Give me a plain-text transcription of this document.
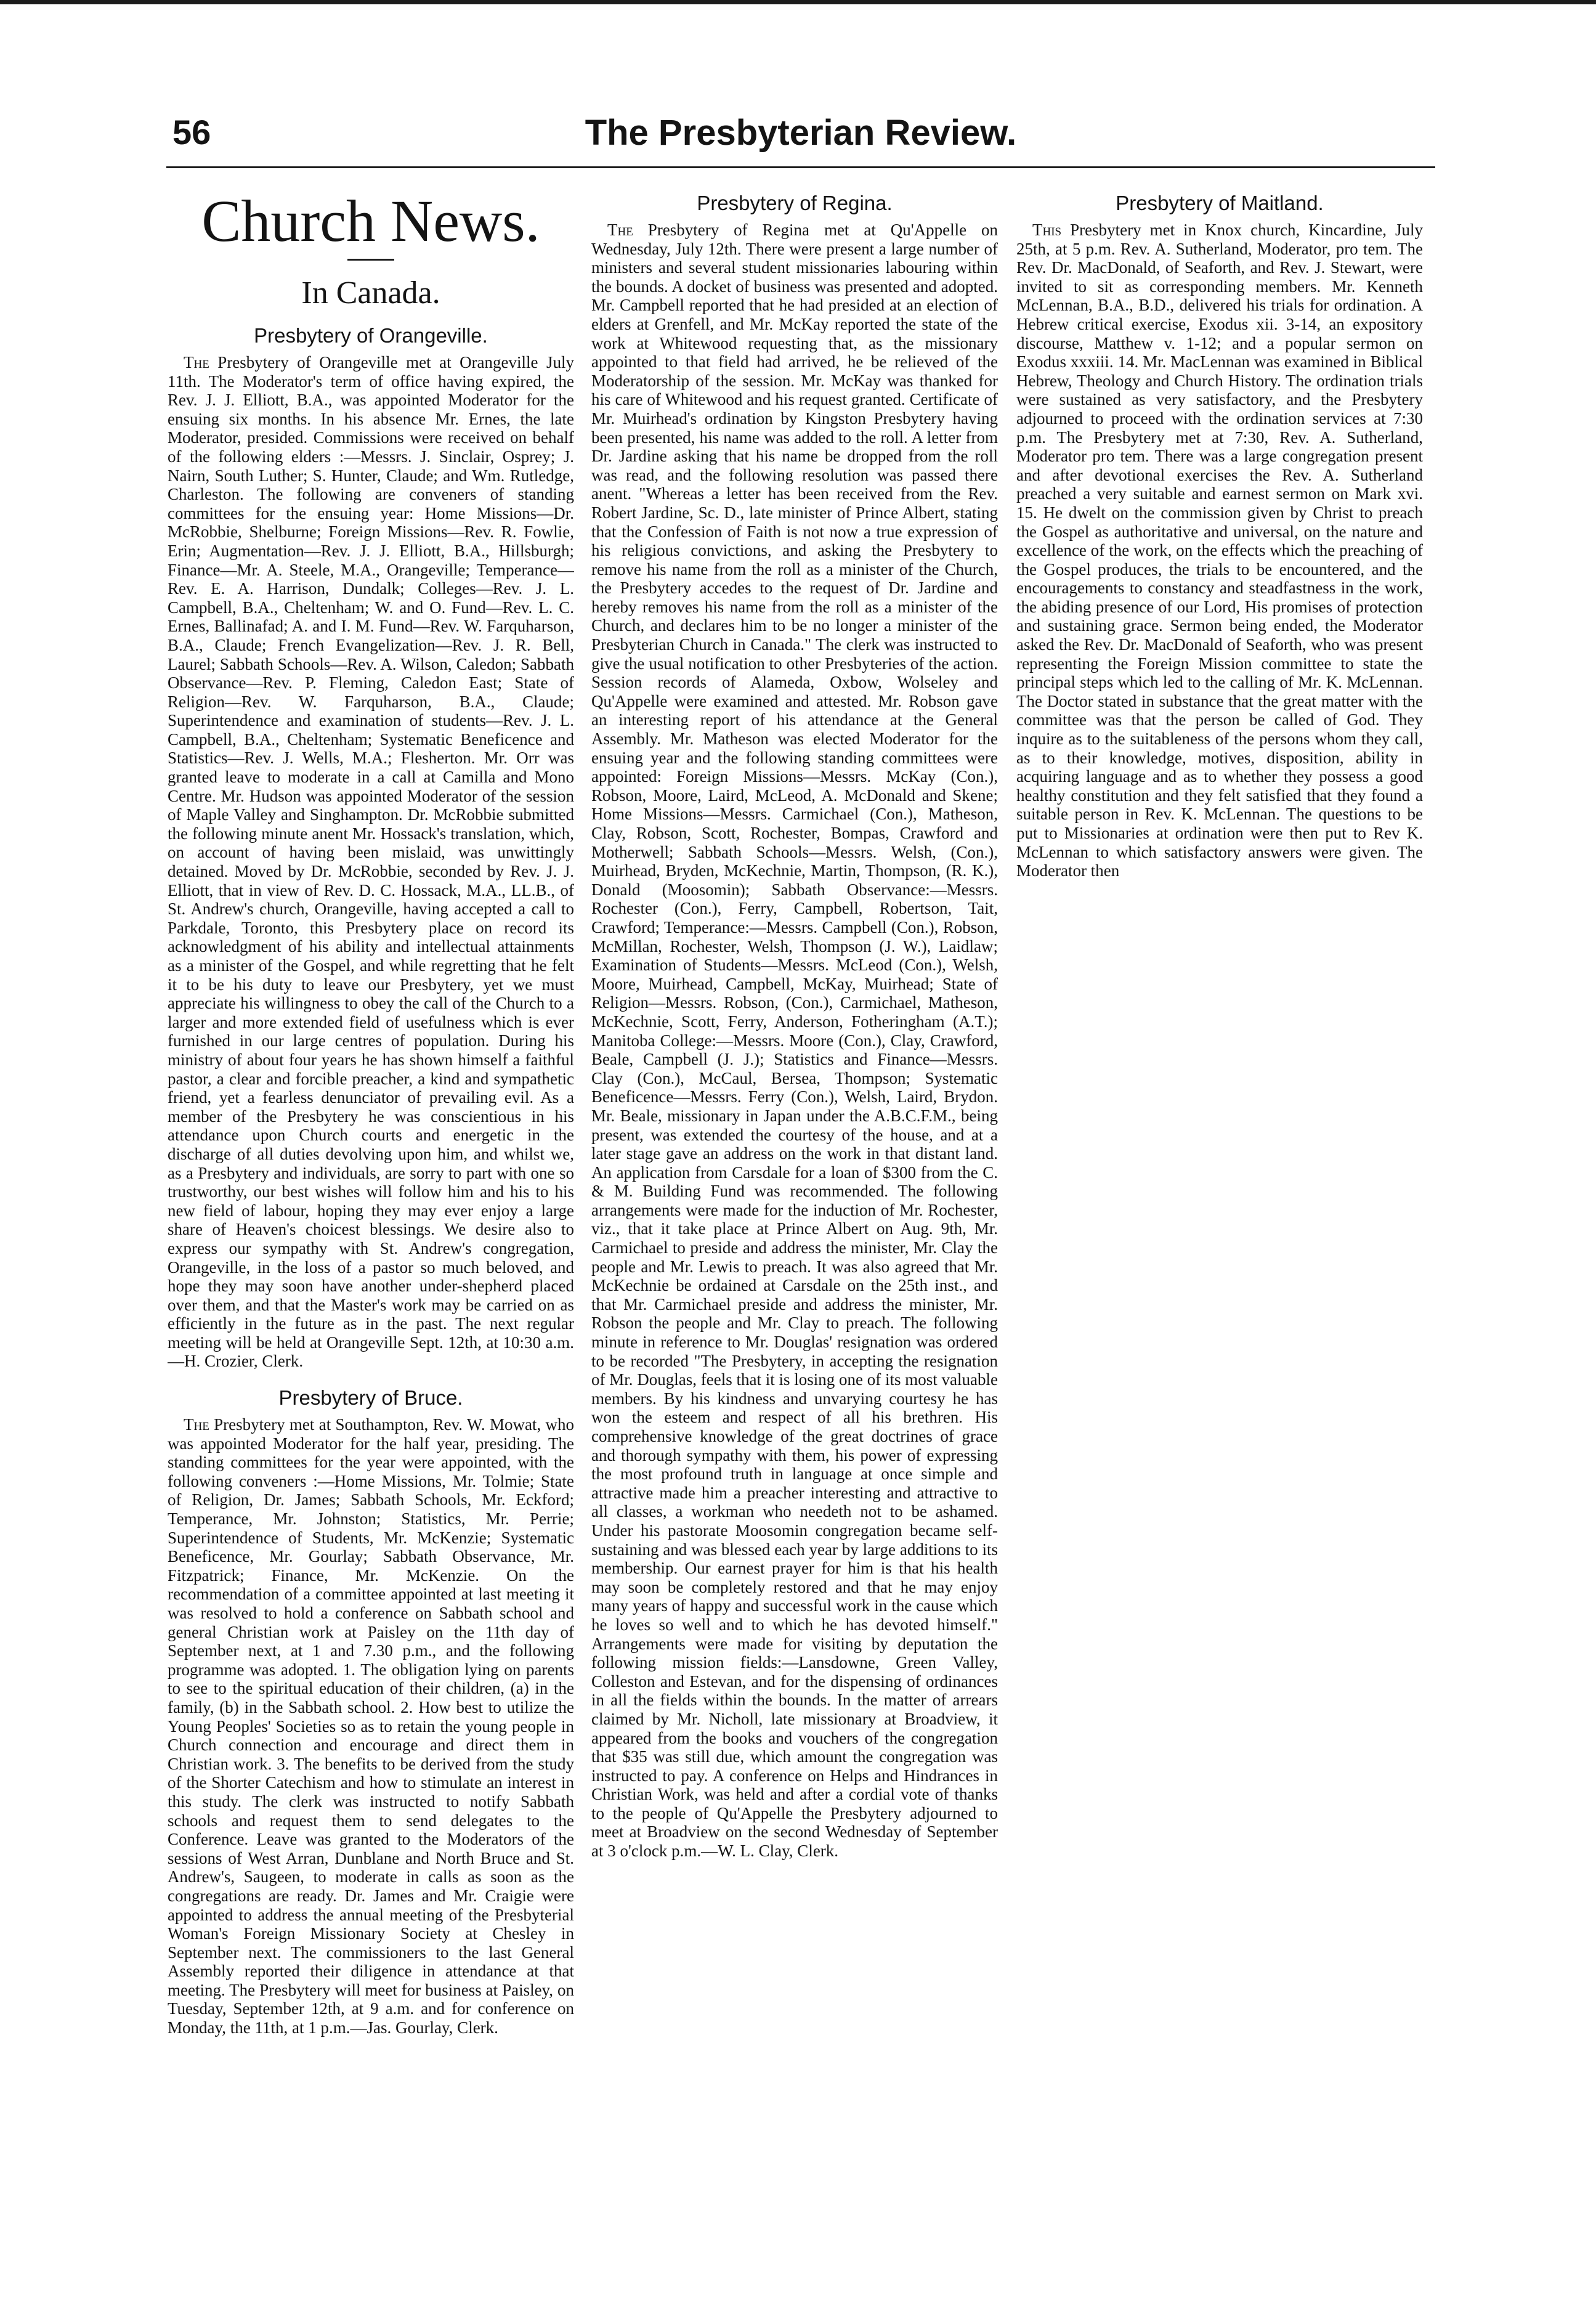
56	The Presbyterian Review.
Church News.
In Canada.
Presbytery of Orangeville.

The Presbytery of Orangeville met at Orangeville July 11th. The Moderator's term of office having expired, the Rev. J. J. Elliott, B.A., was appointed Moderator for the ensuing six months. In his absence Mr. Ernes, the late Moderator, presided. Commissions were received on behalf of the following elders :—Messrs. J. Sinclair, Osprey; J. Nairn, South Luther; S. Hunter, Claude; and Wm. Rutledge, Charleston. The following are conveners of standing committees for the ensuing year: Home Missions—Dr. McRobbie, Shelburne; Foreign Missions—Rev. R. Fowlie, Erin; Augmentation—Rev. J. J. Elliott, B.A., Hillsburgh; Finance—Mr. A. Steele, M.A., Orangeville; Temperance—Rev. E. A. Harrison, Dundalk; Colleges—Rev. J. L. Campbell, B.A., Cheltenham; W. and O. Fund—Rev. L. C. Ernes, Ballinafad; A. and I. M. Fund—Rev. W. Farquharson, B.A., Claude; French Evangelization—Rev. J. R. Bell, Laurel; Sabbath Schools—Rev. A. Wilson, Caledon; Sabbath Observance—Rev. P. Fleming, Caledon East; State of Religion—Rev. W. Farquharson, B.A., Claude; Superintendence and examination of students—Rev. J. L. Campbell, B.A., Cheltenham; Systematic Beneficence and Statistics—Rev. J. Wells, M.A.; Flesherton. Mr. Orr was granted leave to moderate in a call at Camilla and Mono Centre. Mr. Hudson was appointed Moderator of the session of Maple Valley and Singhampton. Dr. McRobbie submitted the following minute anent Mr. Hossack's translation, which, on account of having been mislaid, was unwittingly detained. Moved by Dr. McRobbie, seconded by Rev. J. J. Elliott, that in view of Rev. D. C. Hossack, M.A., LL.B., of St. Andrew's church, Orangeville, having accepted a call to Parkdale, Toronto, this Presbytery place on record its acknowledgment of his ability and intellectual attainments as a minister of the Gospel, and while regretting that he felt it to be his duty to leave our Presbytery, yet we must appreciate his willingness to obey the call of the Church to a larger and more extended field of usefulness which is ever furnished in our large centres of population. During his ministry of about four years he has shown himself a faithful pastor, a clear and forcible preacher, a kind and sympathetic friend, yet a fearless denunciator of prevailing evil. As a member of the Presbytery he was conscientious in his attendance upon Church courts and energetic in the discharge of all duties devolving upon him, and whilst we, as a Presbytery and individuals, are sorry to part with one so trustworthy, our best wishes will follow him and his to his new field of labour, hoping they may ever enjoy a large share of Heaven's choicest blessings. We desire also to express our sympathy with St. Andrew's congregation, Orangeville, in the loss of a pastor so much beloved, and hope they may soon have another under-shepherd placed over them, and that the Master's work may be carried on as efficiently in the future as in the past. The next regular meeting will be held at Orangeville Sept. 12th, at 10:30 a.m. —H. Crozier, Clerk.

Presbytery of Bruce.

The Presbytery met at Southampton, Rev. W. Mowat, who was appointed Moderator for the half year, presiding. The standing committees for the year were appointed, with the following conveners :—Home Missions, Mr. Tolmie; State of Religion, Dr. James; Sabbath Schools, Mr. Eckford; Temperance, Mr. Johnston; Statistics, Mr. Perrie; Superintendence of Students, Mr. McKenzie; Systematic Beneficence, Mr. Gourlay; Sabbath Observance, Mr. Fitzpatrick; Finance, Mr. McKenzie. On the recommendation of a committee appointed at last meeting it was resolved to hold a conference on Sabbath school and general Christian work at Paisley on the 11th day of September next, at 1 and 7.30 p.m., and the following programme was adopted. 1. The obligation lying on parents to see to the spiritual education of their children, (a) in the family, (b) in the Sabbath school. 2. How best to utilize the Young Peoples' Societies so as to retain the young people in Church connection and encourage and direct them in Christian work. 3. The benefits to be derived from the study of the Shorter Catechism and how to stimulate an interest in this study. The clerk was instructed to notify Sabbath schools and request them to send delegates to the Conference. Leave was granted to the Moderators of the sessions of West Arran, Dunblane and North Bruce and St. Andrew's, Saugeen, to moderate in calls as soon as the congregations are ready. Dr. James and Mr. Craigie were appointed to address the annual meeting of the Presbyterial Woman's Foreign Missionary Society at Chesley in September next. The commissioners to the last General Assembly reported their diligence in attendance at that meeting. The Presbytery will meet for business at Paisley, on Tuesday, September 12th, at 9 a.m. and for conference on Monday, the 11th, at 1 p.m.—Jas. Gourlay, Clerk.

Presbytery of Regina.

The Presbytery of Regina met at Qu'Appelle on Wednesday, July 12th. There were present a large number of ministers and several student missionaries labouring within the bounds. A docket of business was presented and adopted. Mr. Campbell reported that he had presided at an election of elders at Grenfell, and Mr. McKay reported the state of the work at Whitewood requesting that, as the missionary appointed to that field had arrived, he be relieved of the Moderatorship of the session. Mr. McKay was thanked for his care of Whitewood and his request granted. Certificate of Mr. Muirhead's ordination by Kingston Presbytery having been presented, his name was added to the roll. A letter from Dr. Jardine asking that his name be dropped from the roll was read, and the following resolution was passed there anent. "Whereas a letter has been received from the Rev. Robert Jardine, Sc. D., late minister of Prince Albert, stating that the Confession of Faith is not now a true expression of his religious convictions, and asking the Presbytery to remove his name from the roll as a minister of the Church, the Presbytery accedes to the request of Dr. Jardine and hereby removes his name from the roll as a minister of the Church, and declares him to be no longer a minister of the Presbyterian Church in Canada." The clerk was instructed to give the usual notification to other Presbyteries of the action. Session records of Alameda, Oxbow, Wolseley and Qu'Appelle were examined and attested. Mr. Robson gave an interesting report of his attendance at the General Assembly. Mr. Matheson was elected Moderator for the ensuing year and the following standing committees were appointed: Foreign Missions—Messrs. McKay (Con.), Robson, Moore, Laird, McLeod, A. McDonald and Skene; Home Missions—Messrs. Carmichael (Con.), Matheson, Clay, Robson, Scott, Rochester, Bompas, Crawford and Motherwell; Sabbath Schools—Messrs. Welsh, (Con.), Muirhead, Bryden, McKechnie, Martin, Thompson, (R. K.), Donald (Moosomin); Sabbath Observance:—Messrs. Rochester (Con.), Ferry, Campbell, Robertson, Tait, Crawford; Temperance:—Messrs. Campbell (Con.), Robson, McMillan, Rochester, Welsh, Thompson (J. W.), Laidlaw; Examination of Students—Messrs. McLeod (Con.), Welsh, Moore, Muirhead, Campbell, McKay, Muirhead; State of Religion—Messrs. Robson, (Con.), Carmichael, Matheson, McKechnie, Scott, Ferry, Anderson, Fotheringham (A.T.); Manitoba College:—Messrs. Moore (Con.), Clay, Crawford, Beale, Campbell (J. J.); Statistics and Finance—Messrs. Clay (Con.), McCaul, Bersea, Thompson; Systematic Beneficence—Messrs. Ferry (Con.), Welsh, Laird, Brydon. Mr. Beale, missionary in Japan under the A.B.C.F.M., being present, was extended the courtesy of the house, and at a later stage gave an address on the work in that distant land. An application from Carsdale for a loan of $300 from the C. & M. Building Fund was recommended. The following arrangements were made for the induction of Mr. Rochester, viz., that it take place at Prince Albert on Aug. 9th, Mr. Carmichael to preside and address the minister, Mr. Clay the people and Mr. Lewis to preach. It was also agreed that Mr. McKechnie be ordained at Carsdale on the 25th inst., and that Mr. Carmichael preside and address the minister, Mr. Robson the people and Mr. Clay to preach. The following minute in reference to Mr. Douglas' resignation was ordered to be recorded "The Presbytery, in accepting the resignation of Mr. Douglas, feels that it is losing one of its most valuable members. By his kindness and unvarying courtesy he has won the esteem and respect of all his brethren. His comprehensive knowledge of the great doctrines of grace and thorough sympathy with them, his power of expressing the most profound truth in language at once simple and attractive made him a preacher interesting and attractive to all classes, a workman who needeth not to be ashamed. Under his pastorate Moosomin congregation became self-sustaining and was blessed each year by large additions to its membership. Our earnest prayer for him is that his health may soon be completely restored and that he may enjoy many years of happy and successful work in the cause which he loves so well and to which he has devoted himself." Arrangements were made for visiting by deputation the following mission fields:—Lansdowne, Green Valley, Colleston and Estevan, and for the dispensing of ordinances in all the fields within the bounds. In the matter of arrears claimed by Mr. Nicholl, late missionary at Broadview, it appeared from the books and vouchers of the congregation that $35 was still due, which amount the congregation was instructed to pay. A conference on Helps and Hindrances in Christian Work, was held and after a cordial vote of thanks to the people of Qu'Appelle the Presbytery adjourned to meet at Broadview on the second Wednesday of September at 3 o'clock p.m.—W. L. Clay, Clerk.

Presbytery of Maitland.

This Presbytery met in Knox church, Kincardine, July 25th, at 5 p.m. Rev. A. Sutherland, Moderator, pro tem. The Rev. Dr. MacDonald, of Seaforth, and Rev. J. Stewart, were invited to sit as corresponding members. Mr. Kenneth McLennan, B.A., B.D., delivered his trials for ordination. A Hebrew critical exercise, Exodus xii. 3-14, an expository discourse, Matthew v. 1-12; and a popular sermon on Exodus xxxiii. 14. Mr. MacLennan was examined in Biblical Hebrew, Theology and Church History. The ordination trials were sustained as very satisfactory, and the Presbytery adjourned to proceed with the ordination services at 7:30 p.m. The Presbytery met at 7:30, Rev. A. Sutherland, Moderator pro tem. There was a large congregation present and after devotional exercises the Rev. A. Sutherland preached a very suitable and earnest sermon on Mark xvi. 15. He dwelt on the commission given by Christ to preach the Gospel as authoritative and universal, on the nature and excellence of the work, on the effects which the preaching of the Gospel produces, the trials to be encountered, and the encouragements to constancy and steadfastness in the work, the abiding presence of our Lord, His promises of protection and sustaining grace. Sermon being ended, the Moderator asked the Rev. Dr. MacDonald of Seaforth, who was present representing the Foreign Mission committee to state the principal steps which led to the calling of Mr. K. McLennan. The Doctor stated in substance that the great matter with the committee was that the person be called of God. They inquire as to the suitableness of the persons whom they call, as to their knowledge, motives, disposition, ability in acquiring language and as to whether they possess a good healthy constitution and they felt satisfied that they found a suitable person in Rev. K. McLennan. The questions to be put to Missionaries at ordination were then put to Rev K. McLennan to which satisfactory answers were given. The Moderator then
